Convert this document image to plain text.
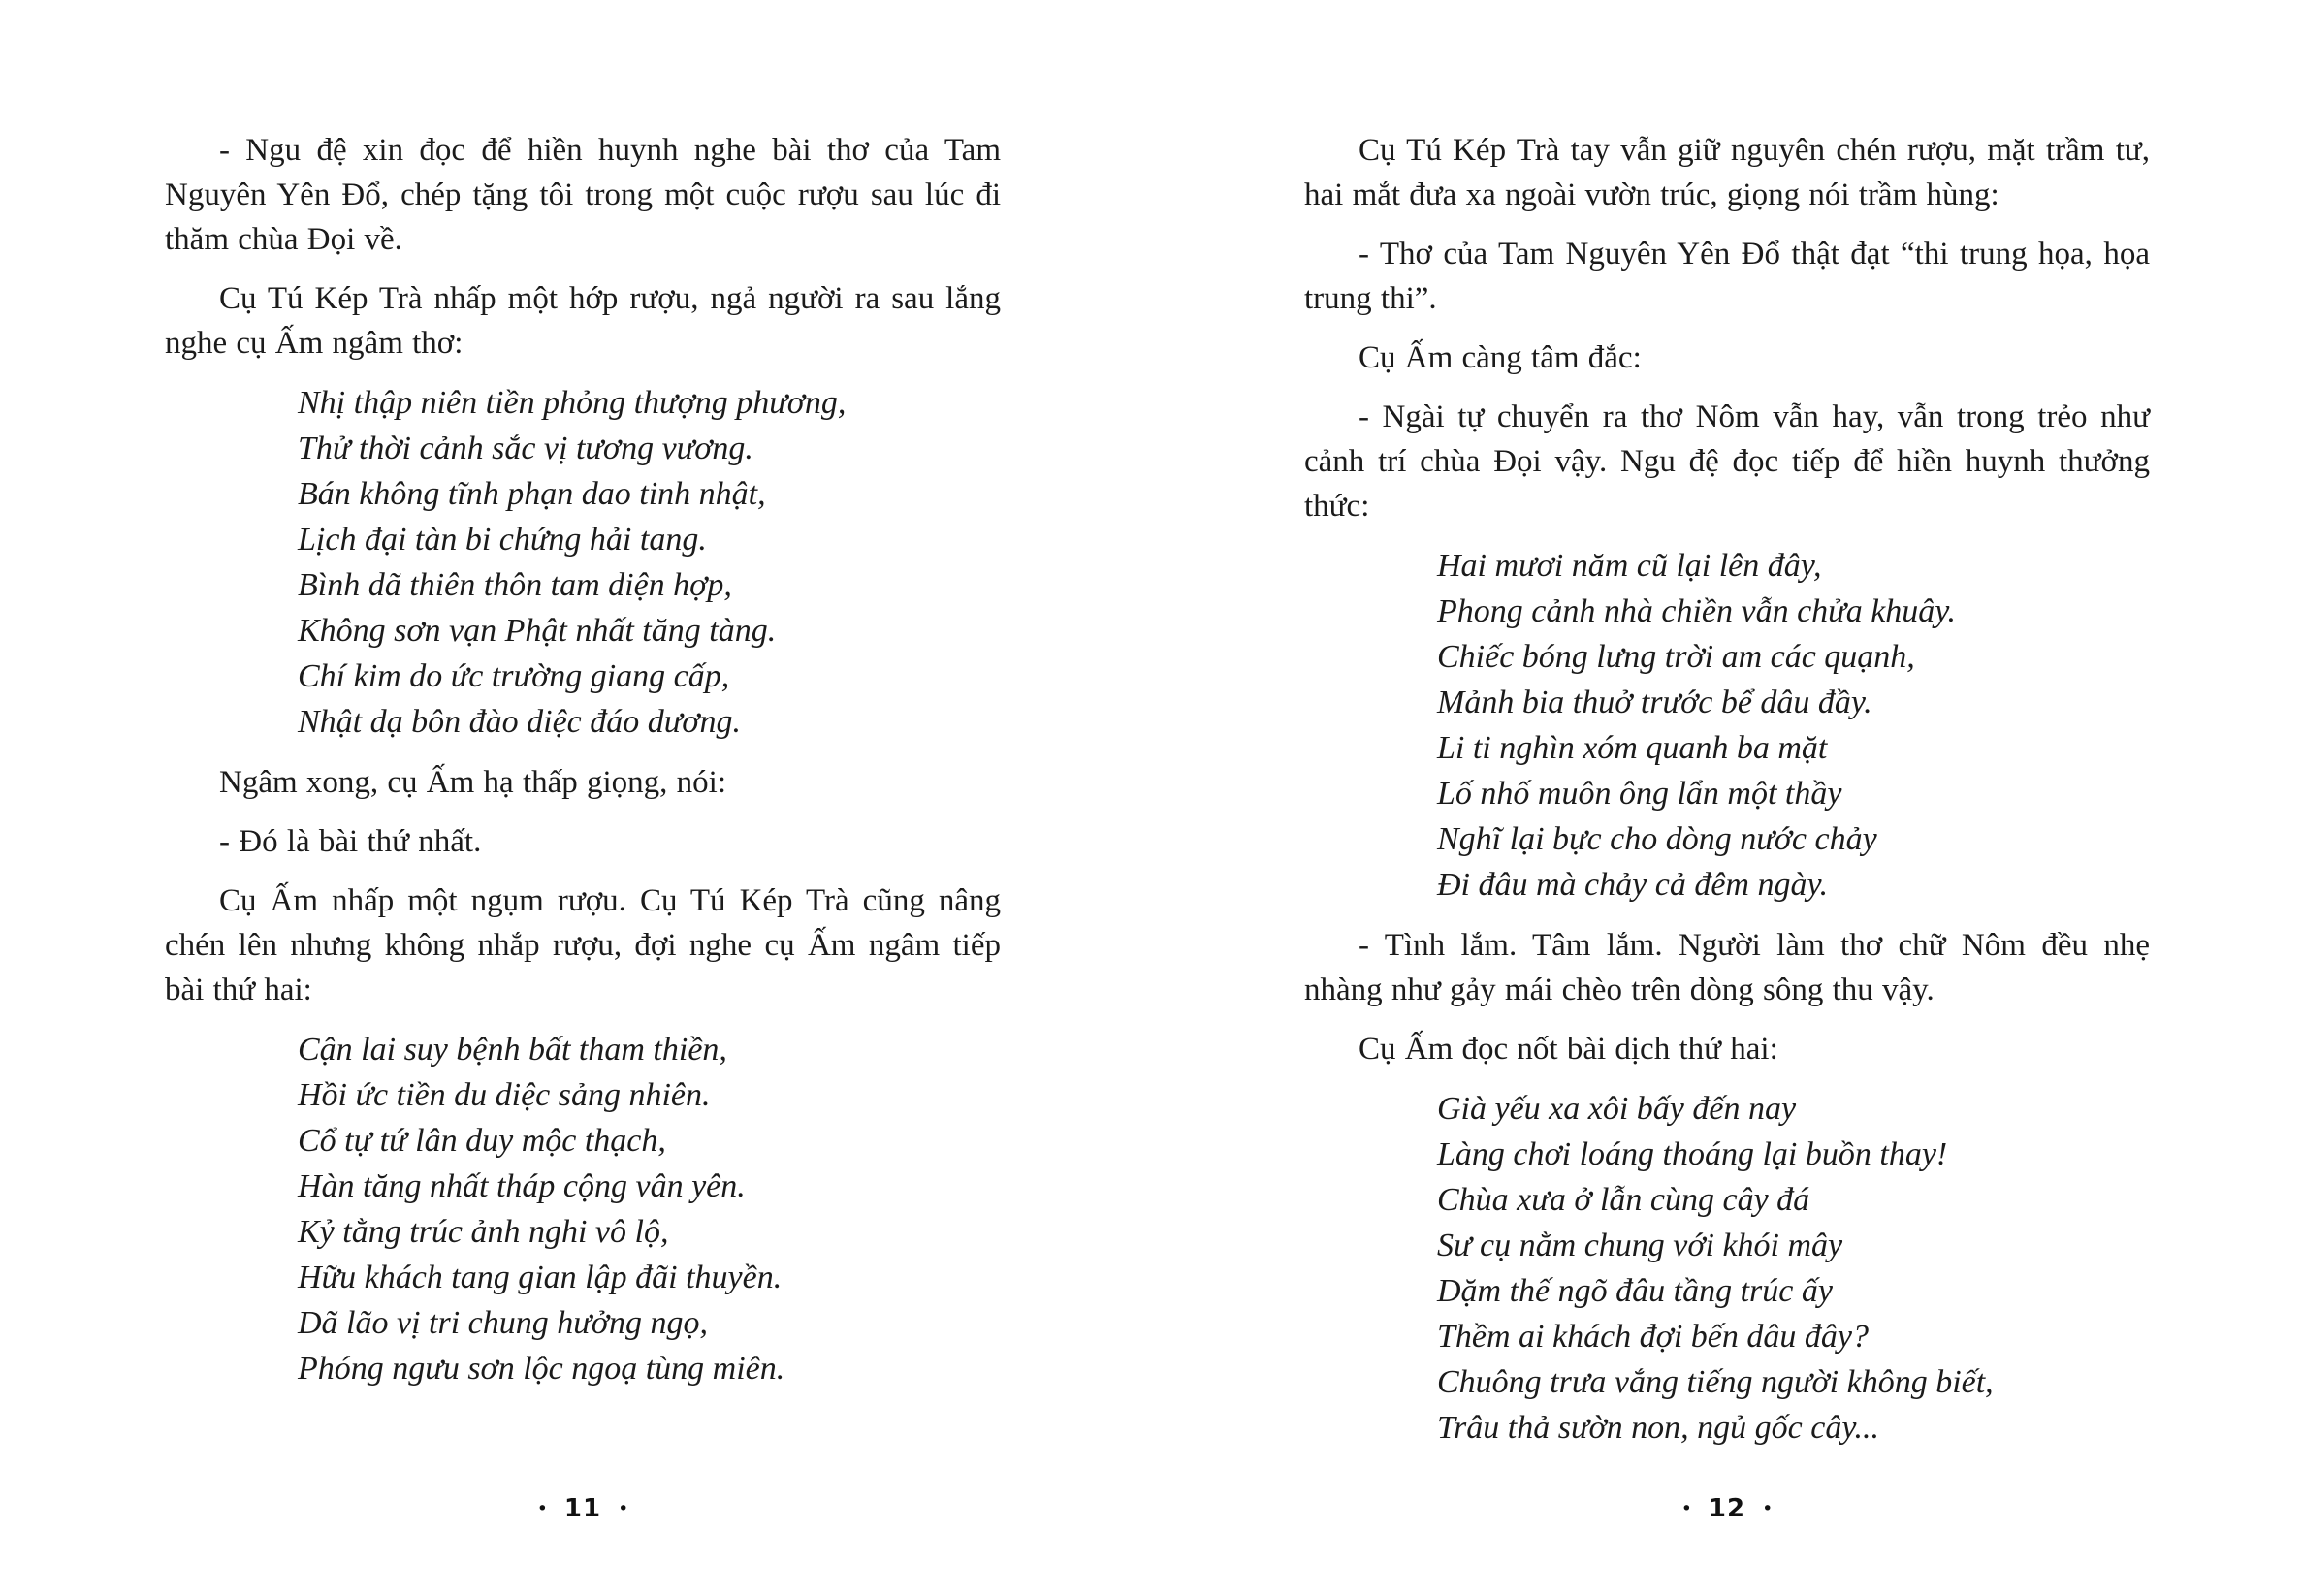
- Ngu đệ xin đọc để hiền huynh nghe bài thơ của Tam Nguyên Yên Đổ, chép tặng tôi trong một cuộc rượu sau lúc đi thăm chùa Đọi về.

Cụ Tú Kép Trà nhấp một hớp rượu, ngả người ra sau lắng nghe cụ Ấm ngâm thơ:

Nhị thập niên tiền phỏng thượng phương,
Thử thời cảnh sắc vị tương vương.
Bán không tĩnh phạn dao tinh nhật,
Lịch đại tàn bi chứng hải tang.
Bình dã thiên thôn tam diện hợp,
Không sơn vạn Phật nhất tăng tàng.
Chí kim do ức trường giang cấp,
Nhật dạ bôn đào diệc đáo dương.

Ngâm xong, cụ Ấm hạ thấp giọng, nói:

- Đó là bài thứ nhất.

Cụ Ấm nhấp một ngụm rượu. Cụ Tú Kép Trà cũng nâng chén lên nhưng không nhắp rượu, đợi nghe cụ Ấm ngâm tiếp bài thứ hai:

Cận lai suy bệnh bất tham thiền,
Hồi ức tiền du diệc sảng nhiên.
Cổ tự tứ lân duy mộc thạch,
Hàn tăng nhất tháp cộng vân yên.
Kỷ tằng trúc ảnh nghi vô lộ,
Hữu khách tang gian lập đãi thuyền.
Dã lão vị tri chung hưởng ngọ,
Phóng ngưu sơn lộc ngoạ tùng miên.

Cụ Tú Kép Trà tay vẫn giữ nguyên chén rượu, mặt trầm tư, hai mắt đưa xa ngoài vườn trúc, giọng nói trầm hùng:

- Thơ của Tam Nguyên Yên Đổ thật đạt “thi trung họa, họa trung thi”.

Cụ Ấm càng tâm đắc:

- Ngài tự chuyển ra thơ Nôm vẫn hay, vẫn trong trẻo như cảnh trí chùa Đọi vậy. Ngu đệ đọc tiếp để hiền huynh thưởng thức:

Hai mươi năm cũ lại lên đây,
Phong cảnh nhà chiền vẫn chửa khuây.
Chiếc bóng lưng trời am các quạnh,
Mảnh bia thuở trước bể dâu đầy.
Li ti nghìn xóm quanh ba mặt
Lố nhố muôn ông lẩn một thầy
Nghĩ lại bực cho dòng nước chảy
Đi đâu mà chảy cả đêm ngày.

- Tình lắm. Tâm lắm. Người làm thơ chữ Nôm đều nhẹ nhàng như gảy mái chèo trên dòng sông thu vậy.

Cụ Ấm đọc nốt bài dịch thứ hai:

Già yếu xa xôi bấy đến nay
Làng chơi loáng thoáng lại buồn thay!
Chùa xưa ở lẫn cùng cây đá
Sư cụ nằm chung với khói mây
Dặm thế ngõ đâu tầng trúc ấy
Thềm ai khách đợi bến dâu đây?
Chuông trưa vắng tiếng người không biết,
Trâu thả sườn non, ngủ gốc cây...
• 11 •	• 12 •
